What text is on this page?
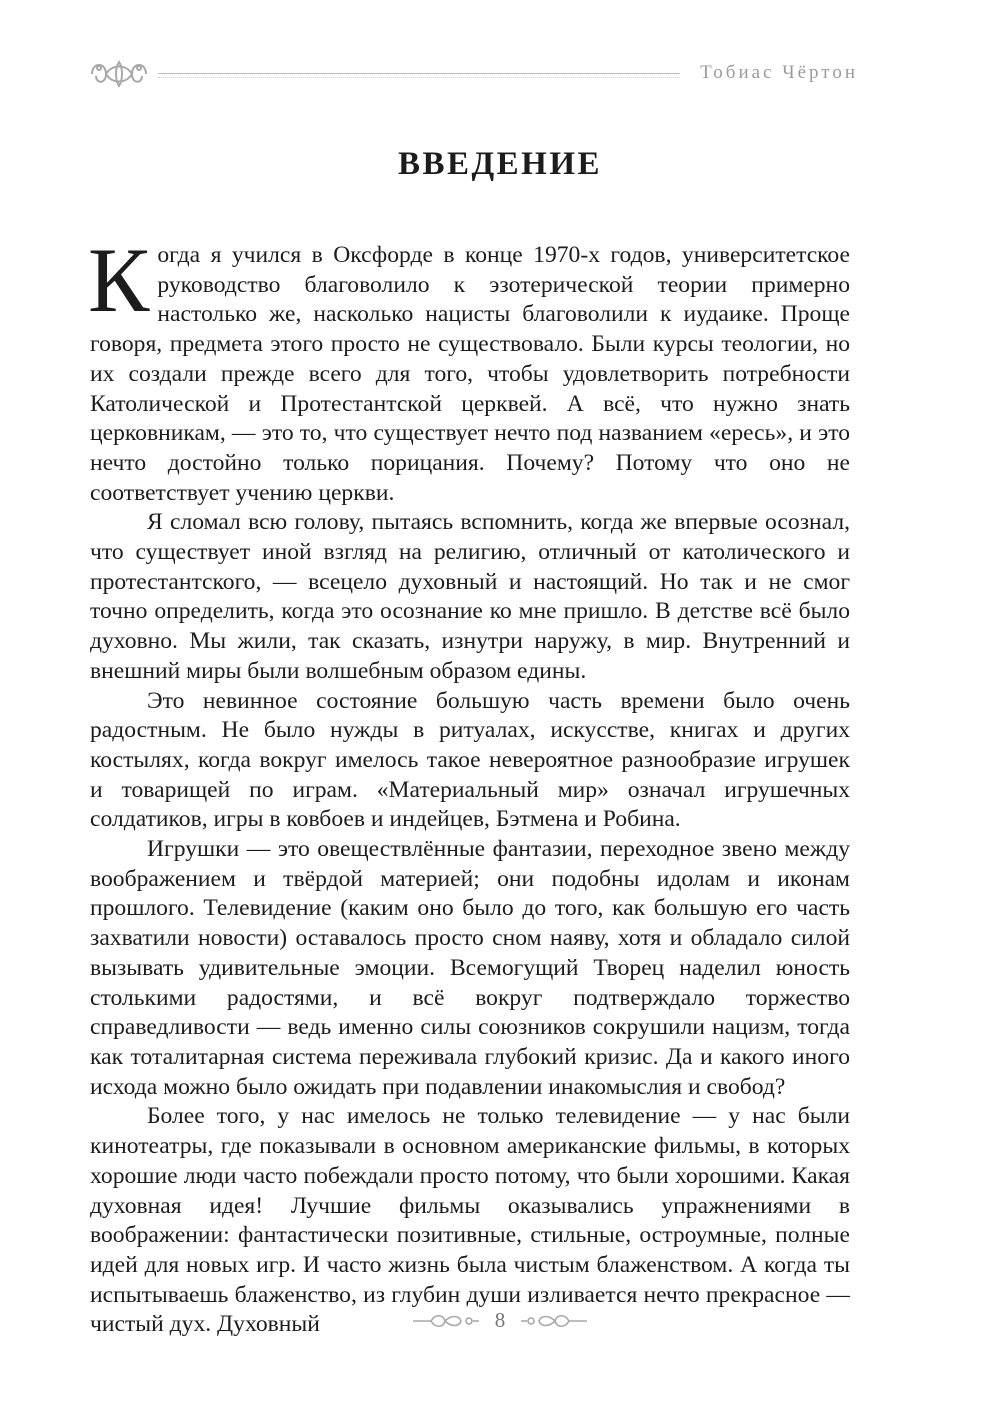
Тобиас Чёртон
ВВЕДЕНИЕ

Когда я учился в Оксфорде в конце 1970-х годов, университетское руководство благоволило к эзотерической теории примерно настолько же, насколько нацисты благоволили к иудаике. Проще говоря, предмета этого просто не существовало. Были курсы теологии, но их создали прежде всего для того, чтобы удовлетворить потребности Католической и Протестантской церквей. А всё, что нужно знать церковникам, — это то, что существует нечто под названием «ересь», и это нечто достойно только порицания. Почему? Потому что оно не соответствует учению церкви.

Я сломал всю голову, пытаясь вспомнить, когда же впервые осознал, что существует иной взгляд на религию, отличный от католического и протестантского, — всецело духовный и настоящий. Но так и не смог точно определить, когда это осознание ко мне пришло. В детстве всё было духовно. Мы жили, так сказать, изнутри наружу, в мир. Внутренний и внешний миры были волшебным образом едины.

Это невинное состояние большую часть времени было очень радостным. Не было нужды в ритуалах, искусстве, книгах и других костылях, когда вокруг имелось такое невероятное разнообразие игрушек и товарищей по играм. «Материальный мир» означал игрушечных солдатиков, игры в ковбоев и индейцев, Бэтмена и Робина.

Игрушки — это овеществлённые фантазии, переходное звено между воображением и твёрдой материей; они подобны идолам и иконам прошлого. Телевидение (каким оно было до того, как большую его часть захватили новости) оставалось просто сном наяву, хотя и обладало силой вызывать удивительные эмоции. Всемогущий Творец наделил юность столькими радостями, и всё вокруг подтверждало торжество справедливости — ведь именно силы союзников сокрушили нацизм, тогда как тоталитарная система переживала глубокий кризис. Да и какого иного исхода можно было ожидать при подавлении инакомыслия и свобод?

Более того, у нас имелось не только телевидение — у нас были кинотеатры, где показывали в основном американские фильмы, в которых хорошие люди часто побеждали просто потому, что были хорошими. Какая духовная идея! Лучшие фильмы оказывались упражнениями в воображении: фантастически позитивные, стильные, остроумные, полные идей для новых игр. И часто жизнь была чистым блаженством. А когда ты испытываешь блаженство, из глубин души изливается нечто прекрасное — чистый дух. Духовный	8
